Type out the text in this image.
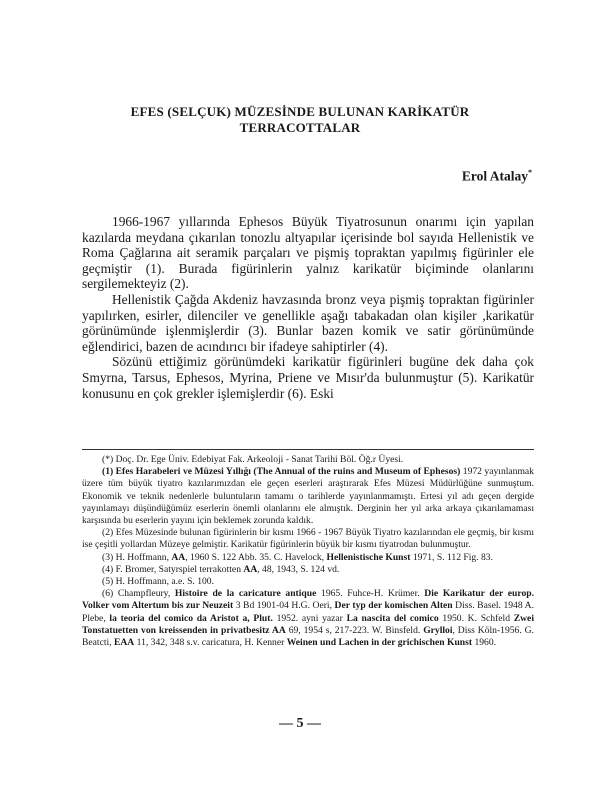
EFES (SELÇUK) MÜZESİNDE BULUNAN KARİKATÜR
TERRACOTTALAR
Erol Atalay*

1966-1967 yıllarında Ephesos Büyük Tiyatrosunun onarımı için yapılan kazılarda meydana çıkarılan tonozlu altyapılar içerisinde bol sayıda Hellenistik ve Roma Çağlarına ait seramik parçaları ve pişmiş topraktan yapılmış figürinler ele geçmiştir (1). Burada figürinlerin yalnız karikatür biçiminde olanlarını sergilemekteyiz (2).

Hellenistik Çağda Akdeniz havzasında bronz veya pişmiş topraktan figürinler yapılırken, esirler, dilenciler ve genellikle aşağı tabakadan olan kişiler ,karikatür görünümünde işlenmişlerdir (3). Bunlar bazen komik ve satir görünümünde eğlendirici, bazen de acındırıcı bir ifadeye sahiptirler (4).

Sözünü ettiğimiz görünümdeki karikatür figürinleri bugüne dek daha çok Smyrna, Tarsus, Ephesos, Myrina, Priene ve Mısır'da bulunmuştur (5). Karikatür konusunu en çok grekler işlemişlerdir (6). Eski

(*) Doç. Dr. Ege Üniv. Edebiyat Fak. Arkeoloji - Sanat Tarihi Böl. Öğ.r Üyesi.

(1) Efes Harabeleri ve Müzesi Yıllığı (The Annual of the ruins and Museum of Ephesos) 1972 yayınlanmak üzere tüm büyük tiyatro kazılarımızdan ele geçen eserleri araştırarak Efes Müzesi Müdürlüğüne sunmuştum. Ekonomik ve teknik nedenlerle buluntuların tamamı o tarihlerde yayınlanmamıştı. Ertesi yıl adı geçen dergide yayınlamayı düşündüğümüz eserlerin önemli olanlarını ele almıştık. Derginin her yıl arka arkaya çıkarılamaması karşısında bu eserlerin yayını için beklemek zorunda kaldık.

(2) Efes Müzesinde bulunan figürinlerin bir kısmı 1966 - 1967 Büyük Tiyatro kazılarından ele geçmiş, bir kısmı ise çeşitli yollardan Müzeye gelmiştir. Karikatür figürinlerin büyük bir kısmı tiyatrodan bulunmuştur.

(3) H. Hoffmann, AA, 1960 S. 122 Abb. 35. C. Havelock, Hellenistische Kunst 1971, S. 112 Fig. 83.

(4) F. Bromer, Satyrspiel terrakotten AA, 48, 1943, S. 124 vd.

(5) H. Hoffmann, a.e. S. 100.

(6) Champfleury, Histoire de la caricature antique 1965. Fuhce-H. Krümer. Die Karikatur der europ. Volker vom Altertum bis zur Neuzeit 3 Bd 1901-04 H.G. Oeri, Der typ der komischen Alten Diss. Basel. 1948 A. Plebe, la teoria del comico da Aristot a, Plut. 1952. ayni yazar La nascita del comico 1950. K. Schfeld Zwei Tonstatuetten von kreissenden in privatbesitz AA 69, 1954 s, 217-223. W. Binsfeld. Grylloi, Diss Köln-1956. G. Beatcti, EAA 11, 342, 348 s.v. caricatura, H. Kenner Weinen und Lachen in der grichischen Kunst 1960.

— 5 —
